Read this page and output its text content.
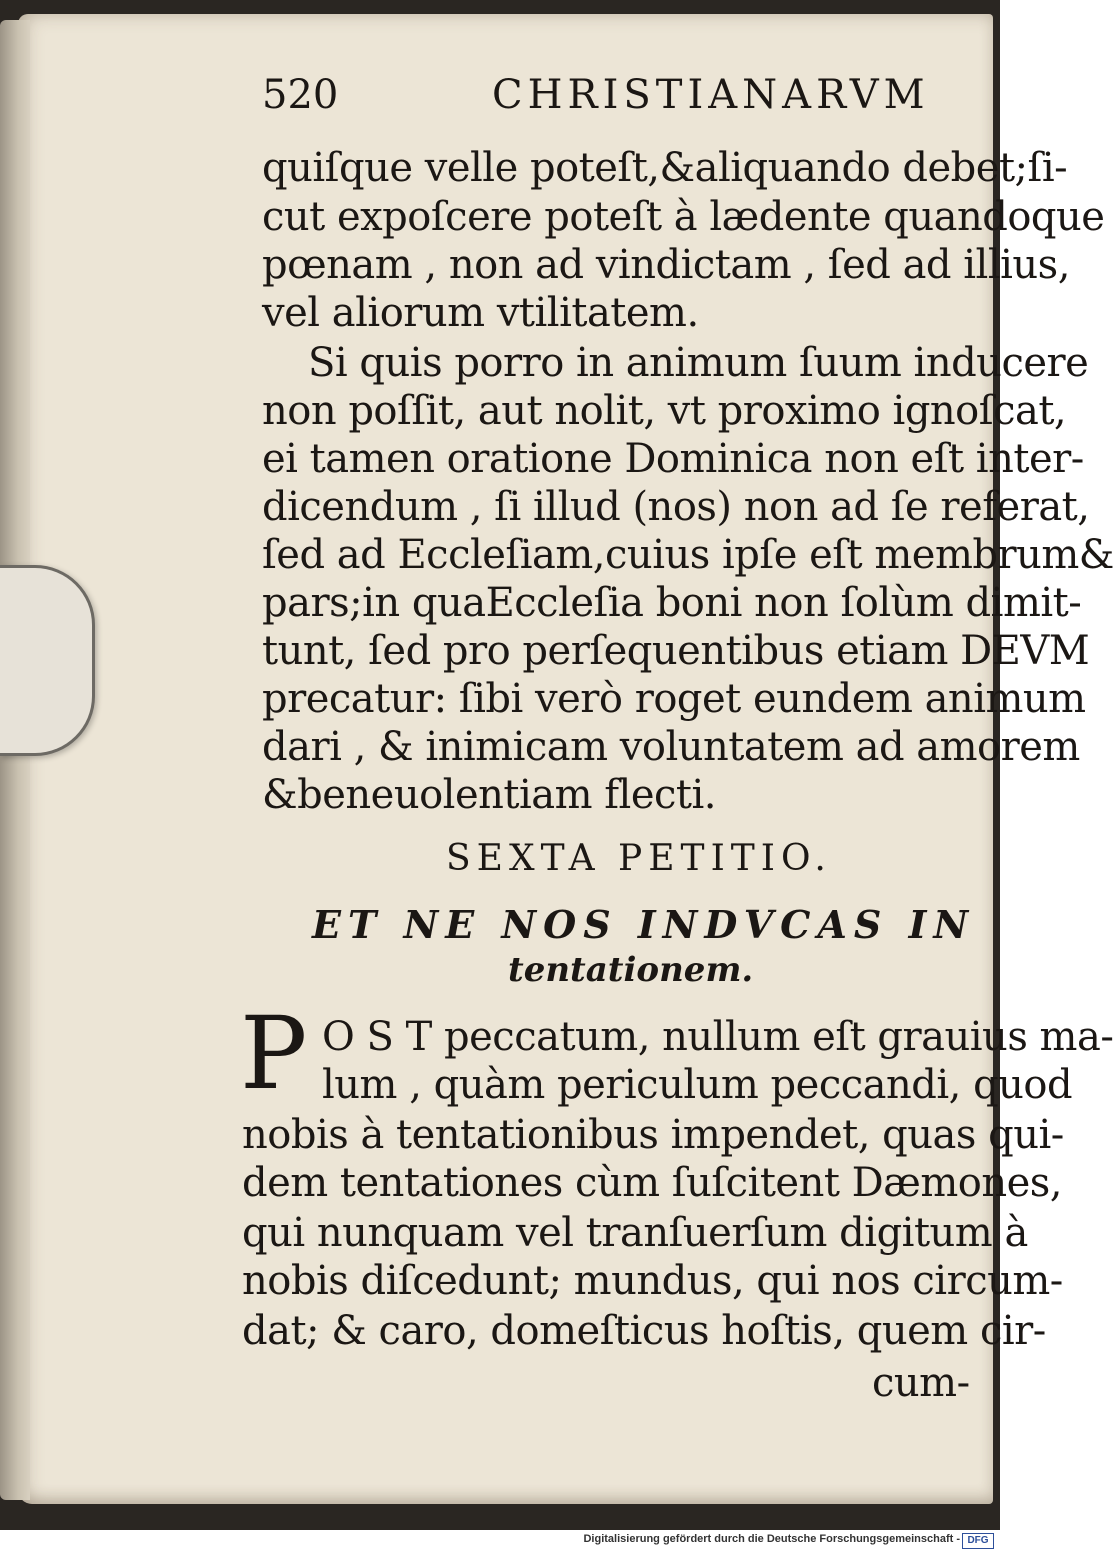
520	CHRISTIANARVM
quiſque velle poteſt,&aliquando debet;ſi-
cut expoſcere poteſt à lædente quandoque
pœnam , non ad vindictam , ſed ad illius,
vel aliorum vtilitatem.
Si quis porro in animum ſuum inducere
non poſſit, aut nolit, vt proximo ignoſcat,
ei tamen oratione Dominica non eſt inter-
dicendum , ſi illud (nos) non ad ſe referat,
ſed ad Eccleſiam,cuius ipſe eſt membrum&
pars;in quaEccleſia boni non ſolùm dimit-
tunt, ſed pro perſequentibus etiam DEVM
precatur: ſibi verò roget eundem animum
dari , & inimicam voluntatem ad amorem
&beneuolentiam flecti.
SEXTA PETITIO.
ET NE NOS INDVCAS IN
tentationem.
P O S T peccatum, nullum eſt grauius ma-
lum , quàm periculum peccandi, quod
nobis à tentationibus impendet, quas qui-
dem tentationes cùm ſuſcitent Dæmones,
qui nunquam vel tranſuerſum digitum à
nobis diſcedunt; mundus, qui nos circum-
dat; & caro, domeſticus hoſtis, quem cir-
cum-
Digitalisierung gefördert durch die Deutsche Forschungsgemeinschaft - DFG
